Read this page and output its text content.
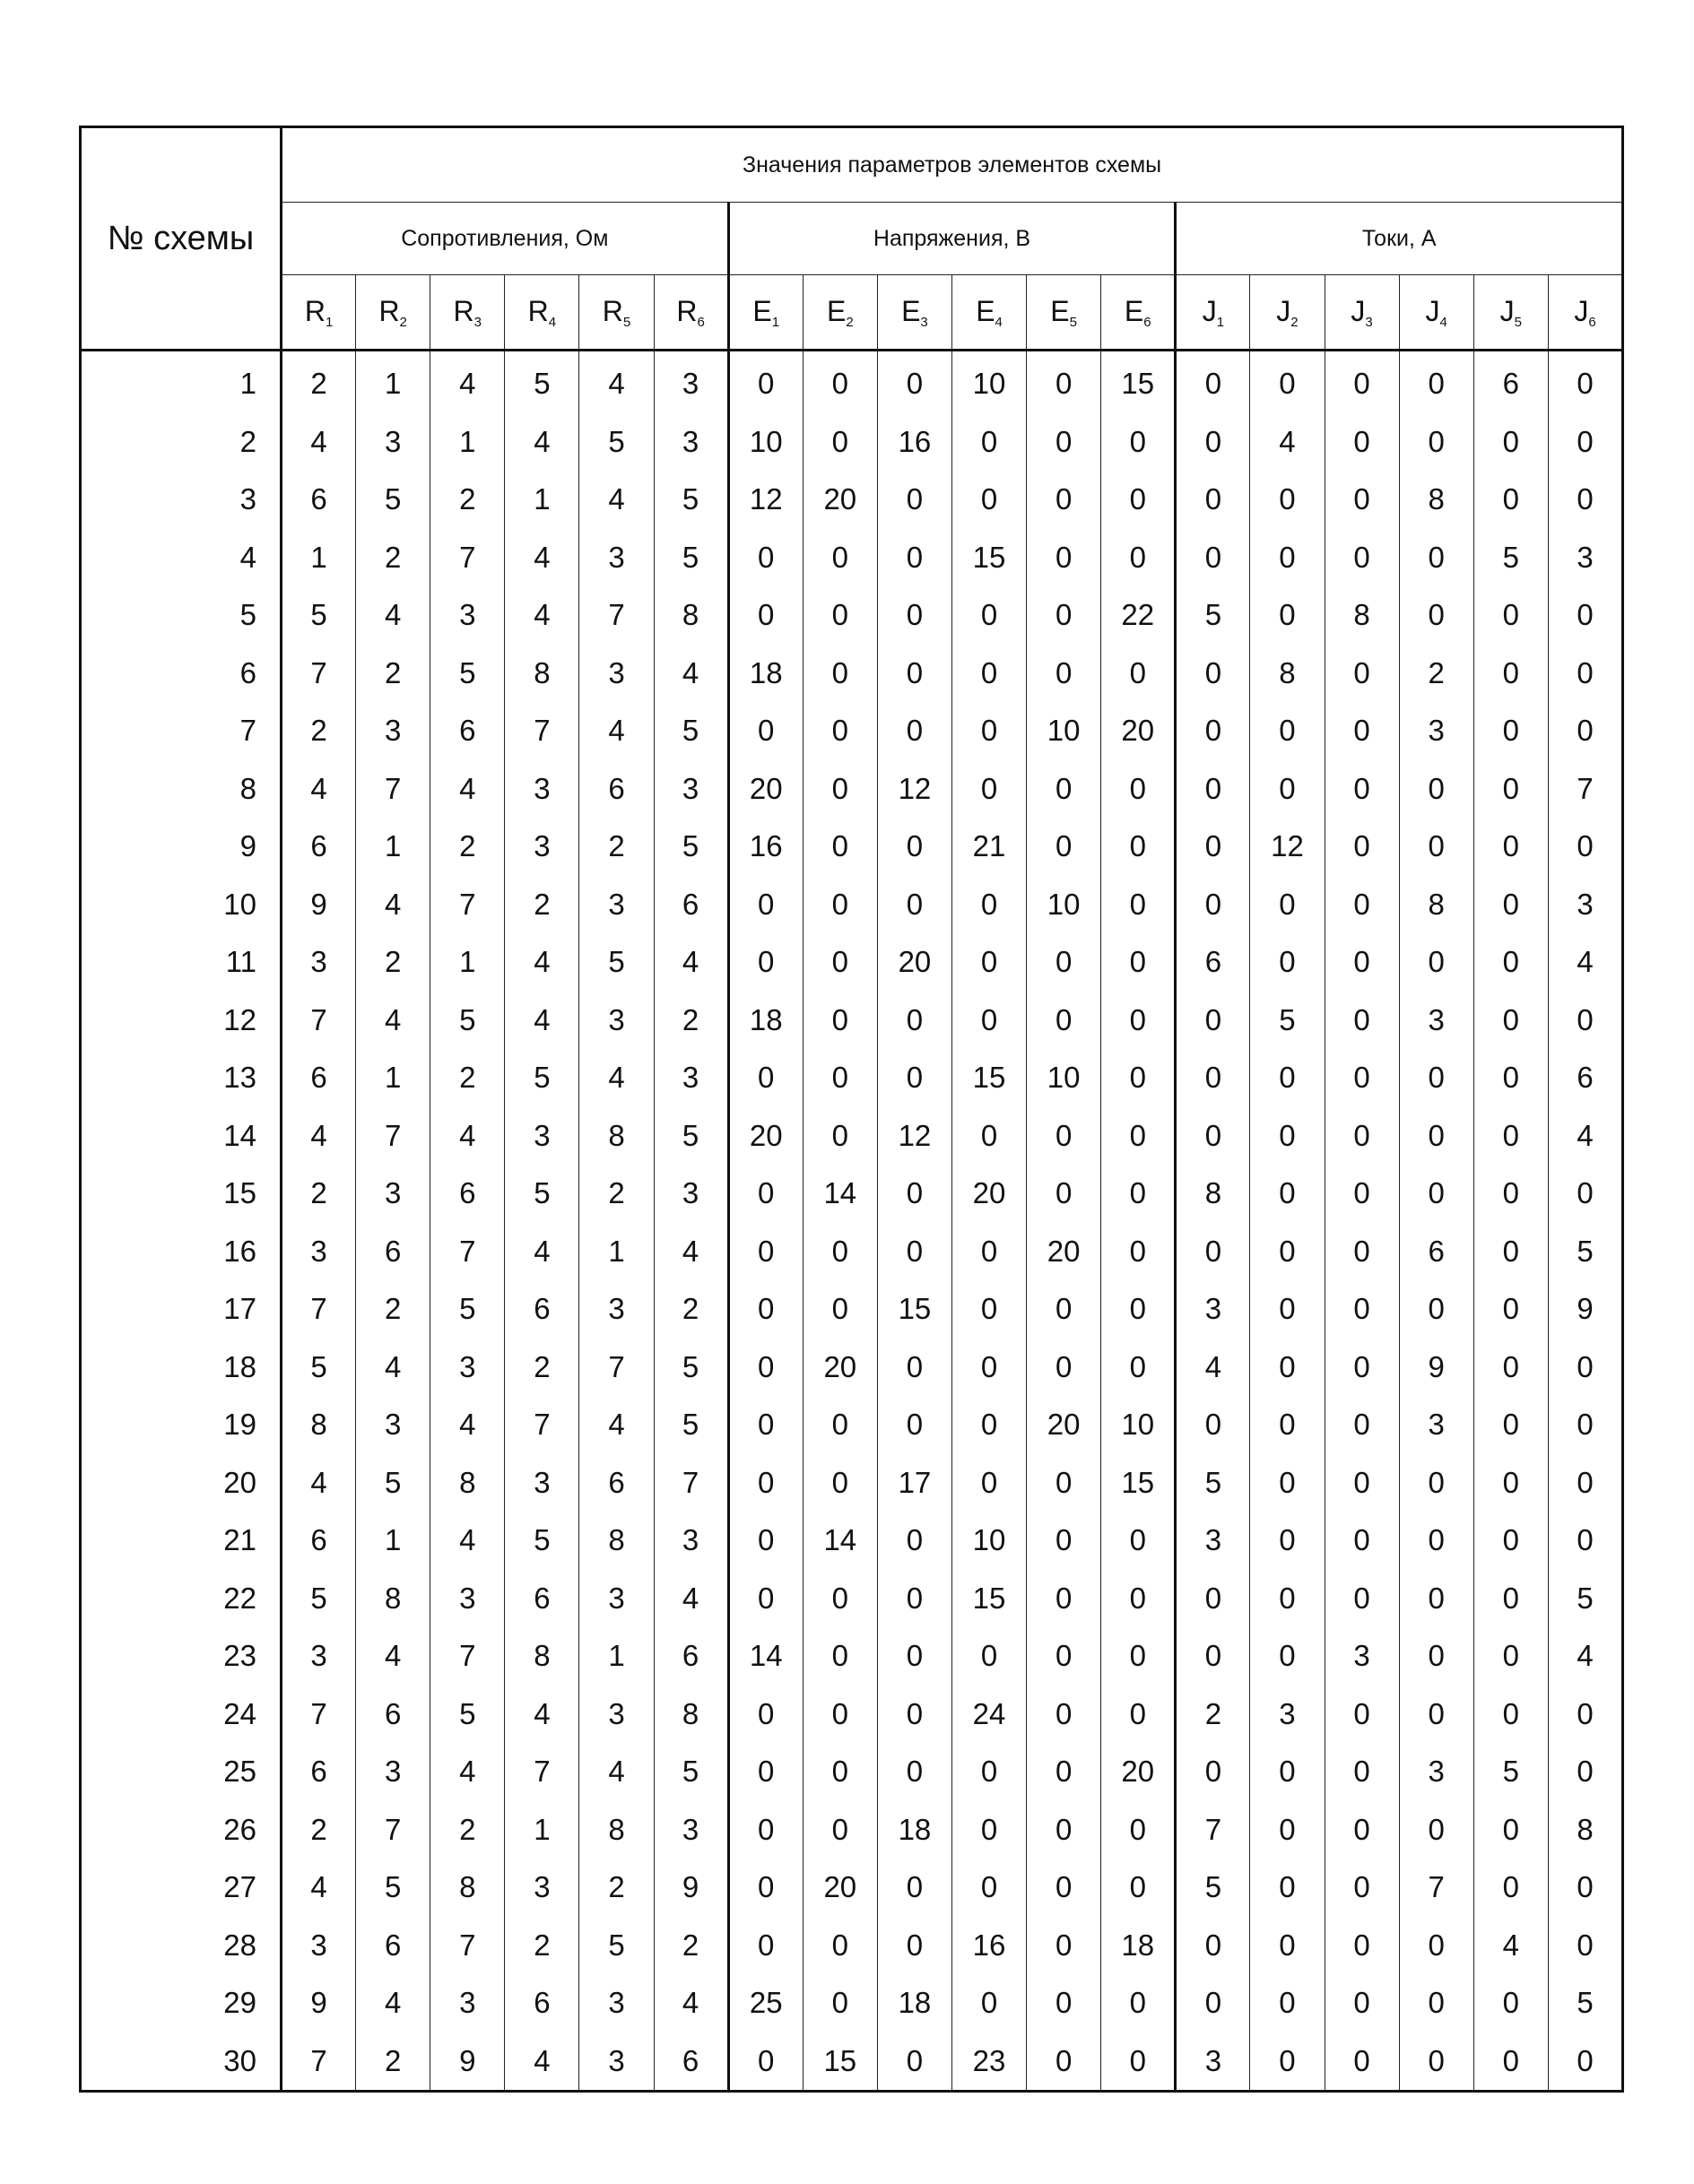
№ схемы	Значения параметров элементов схемы																	
	Сопротивления, Ом						Напряжения, В						Токи, А					
	$R_1$	$R_2$	$R_3$	$R_4$	$R_5$	$R_6$	$E_1$	$E_2$	$E_3$	$E_4$	$E_5$	$E_6$	$J_1$	$J_2$	$J_3$	$J_4$	$J_5$	$J_6$
1	2	1	4	5	4	3	0	0	0	10	0	15	0	0	0	0	6	0
2	4	3	1	4	5	3	10	0	16	0	0	0	0	4	0	0	0	0
3	6	5	2	1	4	5	12	20	0	0	0	0	0	0	0	8	0	0
4	1	2	7	4	3	5	0	0	0	15	0	0	0	0	0	0	5	3
5	5	4	3	4	7	8	0	0	0	0	0	22	5	0	8	0	0	0
6	7	2	5	8	3	4	18	0	0	0	0	0	0	8	0	2	0	0
7	2	3	6	7	4	5	0	0	0	0	10	20	0	0	0	3	0	0
8	4	7	4	3	6	3	20	0	12	0	0	0	0	0	0	0	0	7
9	6	1	2	3	2	5	16	0	0	21	0	0	0	12	0	0	0	0
10	9	4	7	2	3	6	0	0	0	0	10	0	0	0	0	8	0	3
11	3	2	1	4	5	4	0	0	20	0	0	0	6	0	0	0	0	4
12	7	4	5	4	3	2	18	0	0	0	0	0	0	5	0	3	0	0
13	6	1	2	5	4	3	0	0	0	15	10	0	0	0	0	0	0	6
14	4	7	4	3	8	5	20	0	12	0	0	0	0	0	0	0	0	4
15	2	3	6	5	2	3	0	14	0	20	0	0	8	0	0	0	0	0
16	3	6	7	4	1	4	0	0	0	0	20	0	0	0	0	6	0	5
17	7	2	5	6	3	2	0	0	15	0	0	0	3	0	0	0	0	9
18	5	4	3	2	7	5	0	20	0	0	0	0	4	0	0	9	0	0
19	8	3	4	7	4	5	0	0	0	0	20	10	0	0	0	3	0	0
20	4	5	8	3	6	7	0	0	17	0	0	15	5	0	0	0	0	0
21	6	1	4	5	8	3	0	14	0	10	0	0	3	0	0	0	0	0
22	5	8	3	6	3	4	0	0	0	15	0	0	0	0	0	0	0	5
23	3	4	7	8	1	6	14	0	0	0	0	0	0	0	3	0	0	4
24	7	6	5	4	3	8	0	0	0	24	0	0	2	3	0	0	0	0
25	6	3	4	7	4	5	0	0	0	0	0	20	0	0	0	3	5	0
26	2	7	2	1	8	3	0	0	18	0	0	0	7	0	0	0	0	8
27	4	5	8	3	2	9	0	20	0	0	0	0	5	0	0	7	0	0
28	3	6	7	2	5	2	0	0	0	16	0	18	0	0	0	0	4	0
29	9	4	3	6	3	4	25	0	18	0	0	0	0	0	0	0	0	5
30	7	2	9	4	3	6	0	15	0	23	0	0	3	0	0	0	0	0
